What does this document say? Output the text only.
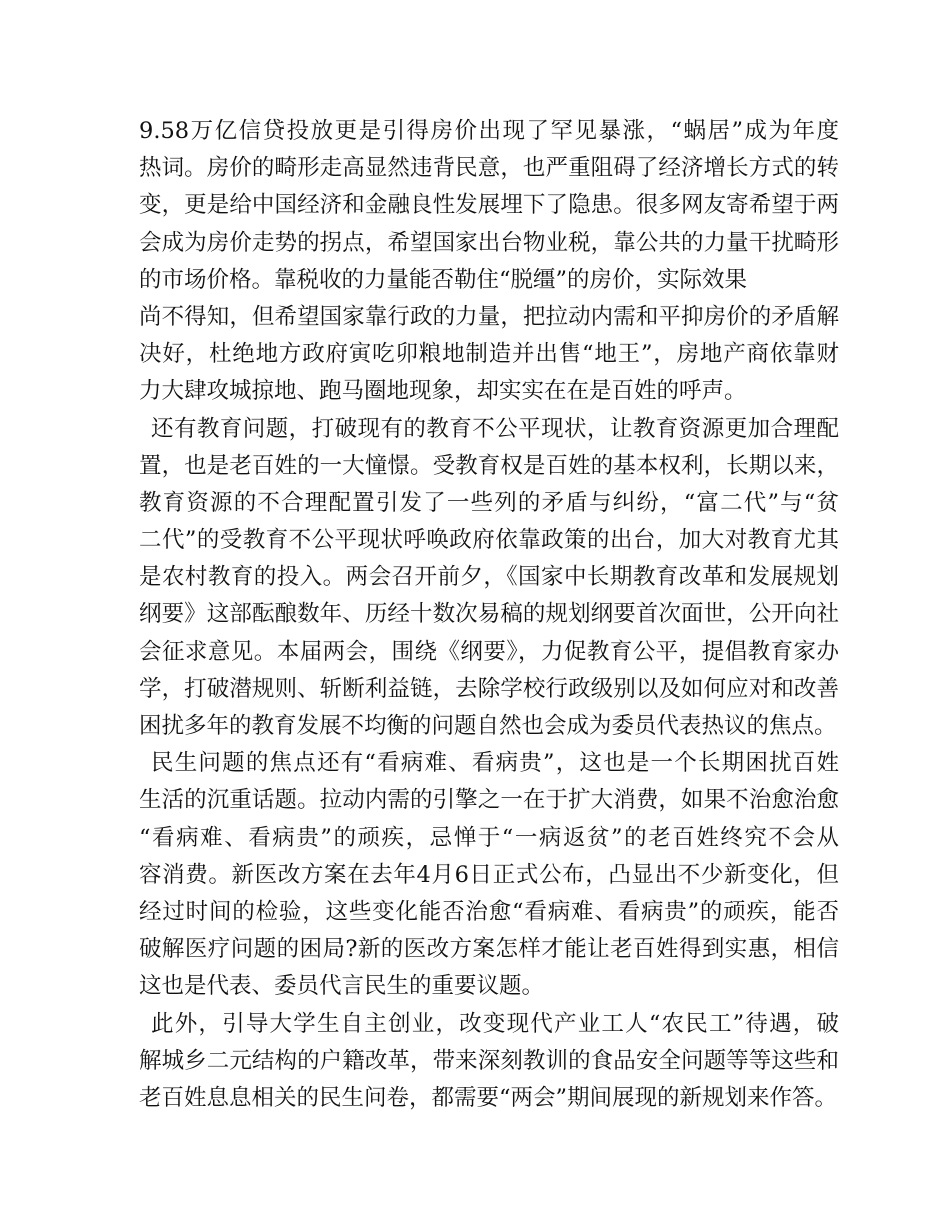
9.58万亿信贷投放更是引得房价出现了罕见暴涨，“蜗居”成为年度
热词。房价的畸形走高显然违背民意，也严重阻碍了经济增长方式的转
变，更是给中国经济和金融良性发展埋下了隐患。很多网友寄希望于两
会成为房价走势的拐点，希望国家出台物业税，靠公共的力量干扰畸形
的市场价格。靠税收的力量能否勒住“脱缰”的房价，实际效果
尚不得知，但希望国家靠行政的力量，把拉动内需和平抑房价的矛盾解
决好，杜绝地方政府寅吃卯粮地制造并出售“地王”，房地产商依靠财
力大肆攻城掠地、跑马圈地现象，却实实在在是百姓的呼声。
还有教育问题，打破现有的教育不公平现状，让教育资源更加合理配
置，也是老百姓的一大憧憬。受教育权是百姓的基本权利，长期以来，
教育资源的不合理配置引发了一些列的矛盾与纠纷，“富二代”与“贫
二代”的受教育不公平现状呼唤政府依靠政策的出台，加大对教育尤其
是农村教育的投入。两会召开前夕，《国家中长期教育改革和发展规划
纲要》这部酝酿数年、历经十数次易稿的规划纲要首次面世，公开向社
会征求意见。本届两会，围绕《纲要》，力促教育公平，提倡教育家办
学，打破潜规则、斩断利益链，去除学校行政级别以及如何应对和改善
困扰多年的教育发展不均衡的问题自然也会成为委员代表热议的焦点。
民生问题的焦点还有“看病难、看病贵”，这也是一个长期困扰百姓
生活的沉重话题。拉动内需的引擎之一在于扩大消费，如果不治愈治愈
“看病难、看病贵”的顽疾，忌惮于“一病返贫”的老百姓终究不会从
容消费。新医改方案在去年4月6日正式公布，凸显出不少新变化，但
经过时间的检验，这些变化能否治愈“看病难、看病贵”的顽疾，能否
破解医疗问题的困局?新的医改方案怎样才能让老百姓得到实惠，相信
这也是代表、委员代言民生的重要议题。
此外，引导大学生自主创业，改变现代产业工人“农民工”待遇，破
解城乡二元结构的户籍改革，带来深刻教训的食品安全问题等等这些和
老百姓息息相关的民生问卷，都需要“两会”期间展现的新规划来作答。
